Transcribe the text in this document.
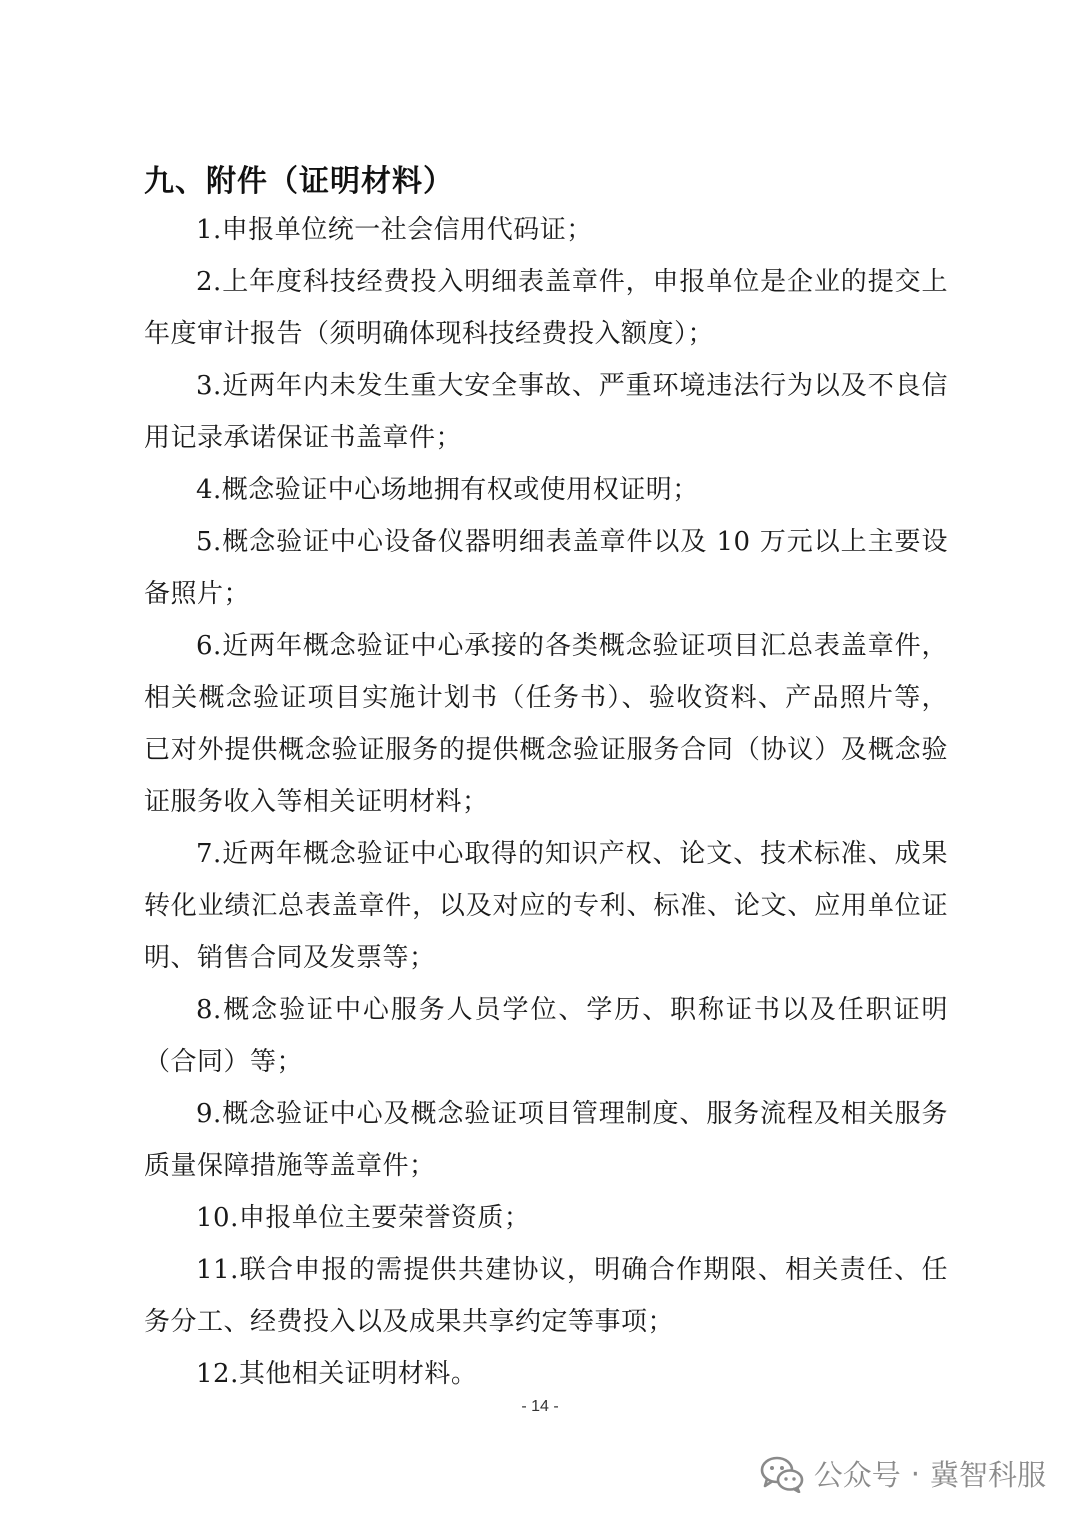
九、附件（证明材料）

1.申报单位统一社会信用代码证；

2.上年度科技经费投入明细表盖章件，申报单位是企业的提交上年度审计报告（须明确体现科技经费投入额度）；

3.近两年内未发生重大安全事故、严重环境违法行为以及不良信用记录承诺保证书盖章件；

4.概念验证中心场地拥有权或使用权证明；

5.概念验证中心设备仪器明细表盖章件以及 10 万元以上主要设备照片；

6.近两年概念验证中心承接的各类概念验证项目汇总表盖章件，相关概念验证项目实施计划书（任务书）、验收资料、产品照片等，已对外提供概念验证服务的提供概念验证服务合同（协议）及概念验证服务收入等相关证明材料；

7.近两年概念验证中心取得的知识产权、论文、技术标准、成果转化业绩汇总表盖章件，以及对应的专利、标准、论文、应用单位证明、销售合同及发票等；

8.概念验证中心服务人员学位、学历、职称证书以及任职证明（合同）等；

9.概念验证中心及概念验证项目管理制度、服务流程及相关服务质量保障措施等盖章件；

10.申报单位主要荣誉资质；

11.联合申报的需提供共建协议，明确合作期限、相关责任、任务分工、经费投入以及成果共享约定等事项；

12.其他相关证明材料。

- 14 -
公众号 · 冀智科服
